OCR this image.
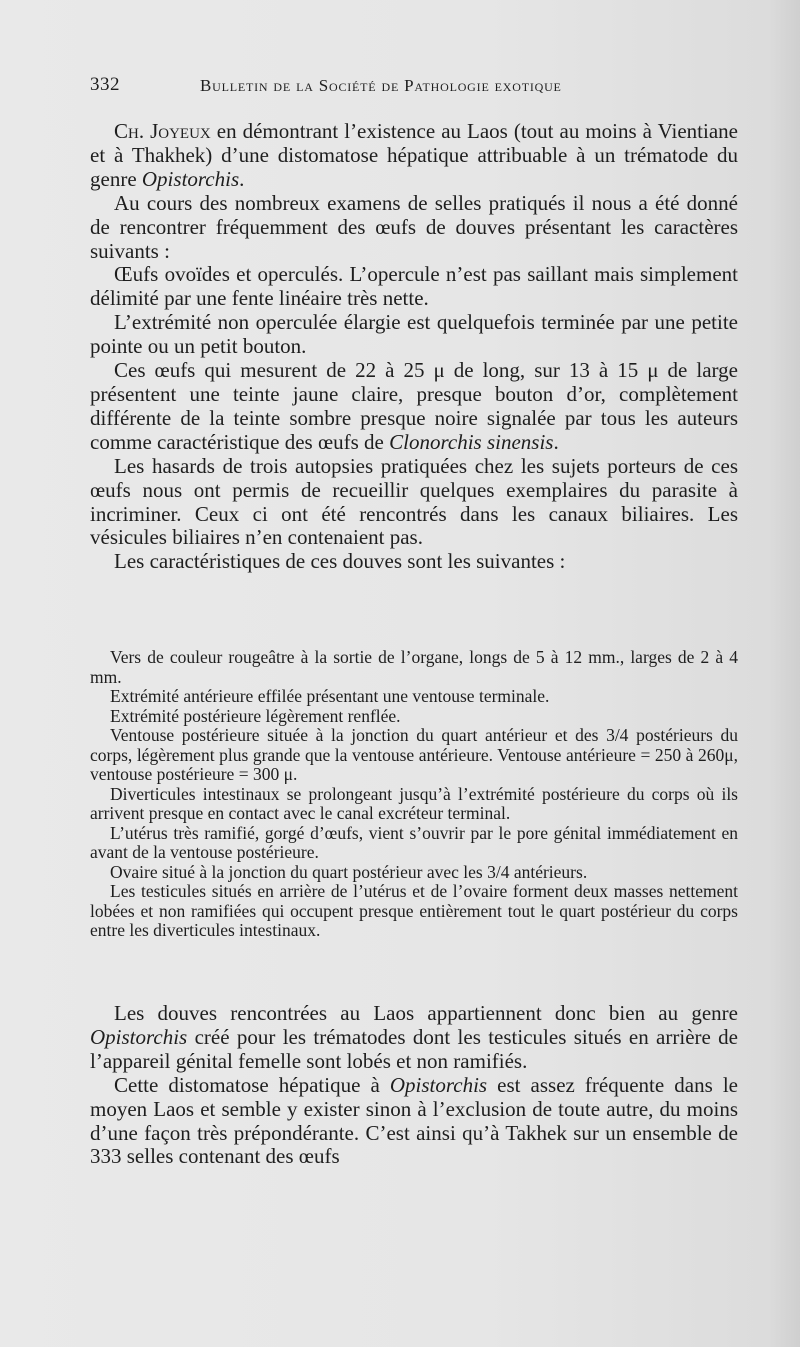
332	Bulletin de la Société de Pathologie exotique

Ch. Joyeux en démontrant l’existence au Laos (tout au moins à Vientiane et à Thakhek) d’une distomatose hépatique attribuable à un trématode du genre Opistorchis.

Au cours des nombreux examens de selles pratiqués il nous a été donné de rencontrer fréquemment des œufs de douves présentant les caractères suivants :

Œufs ovoïdes et operculés. L’opercule n’est pas saillant mais simplement délimité par une fente linéaire très nette.

L’extrémité non operculée élargie est quelquefois terminée par une petite pointe ou un petit bouton.

Ces œufs qui mesurent de 22 à 25 μ de long, sur 13 à 15 μ de large présentent une teinte jaune claire, presque bouton d’or, complètement différente de la teinte sombre presque noire signalée par tous les auteurs comme caractéristique des œufs de Clonorchis sinensis.

Les hasards de trois autopsies pratiquées chez les sujets porteurs de ces œufs nous ont permis de recueillir quelques exemplaires du parasite à incriminer. Ceux ci ont été rencontrés dans les canaux biliaires. Les vésicules biliaires n’en contenaient pas.

Les caractéristiques de ces douves sont les suivantes :

Vers de couleur rougeâtre à la sortie de l’organe, longs de 5 à 12 mm., larges de 2 à 4 mm.

Extrémité antérieure effilée présentant une ventouse terminale.

Extrémité postérieure légèrement renflée.

Ventouse postérieure située à la jonction du quart antérieur et des 3/4 postérieurs du corps, légèrement plus grande que la ventouse antérieure. Ventouse antérieure = 250 à 260μ, ventouse postérieure = 300 μ.

Diverticules intestinaux se prolongeant jusqu’à l’extrémité postérieure du corps où ils arrivent presque en contact avec le canal excréteur terminal.

L’utérus très ramifié, gorgé d’œufs, vient s’ouvrir par le pore génital immédiatement en avant de la ventouse postérieure.

Ovaire situé à la jonction du quart postérieur avec les 3/4 antérieurs.

Les testicules situés en arrière de l’utérus et de l’ovaire forment deux masses nettement lobées et non ramifiées qui occupent presque entièrement tout le quart postérieur du corps entre les diverticules intestinaux.

Les douves rencontrées au Laos appartiennent donc bien au genre Opistorchis créé pour les trématodes dont les testicules situés en arrière de l’appareil génital femelle sont lobés et non ramifiés.

Cette distomatose hépatique à Opistorchis est assez fréquente dans le moyen Laos et semble y exister sinon à l’exclusion de toute autre, du moins d’une façon très prépondérante. C’est ainsi qu’à Takhek sur un ensemble de 333 selles contenant des œufs
